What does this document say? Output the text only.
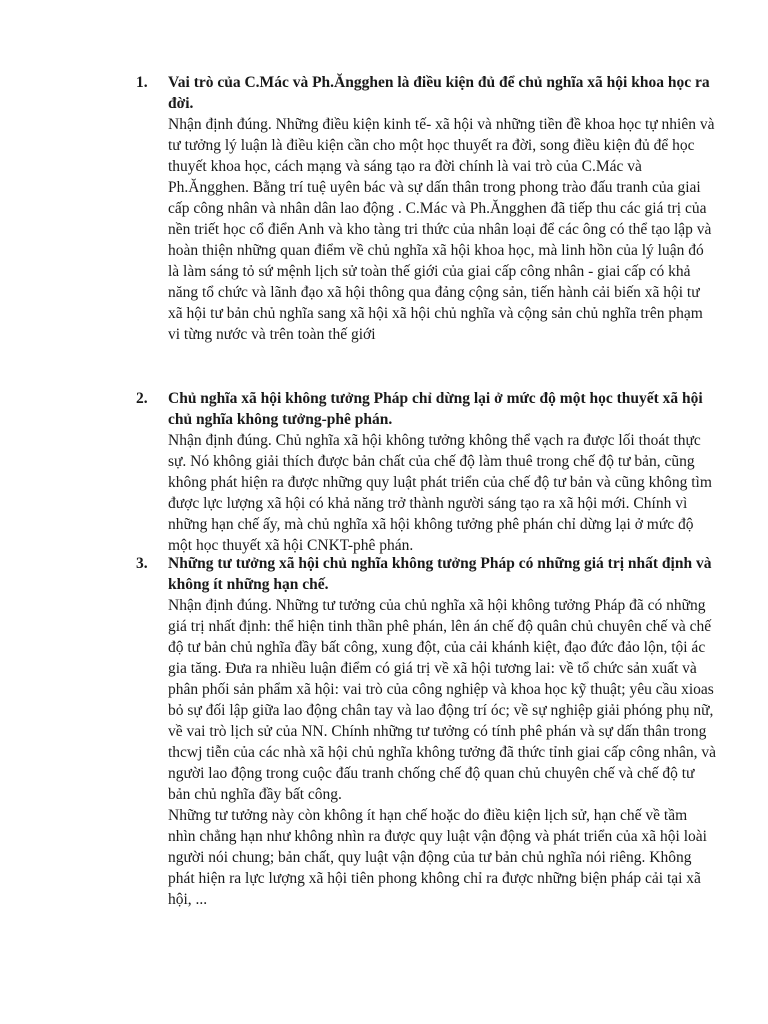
1.	Vai trò của C.Mác và Ph.Ăngghen là điều kiện đủ để chủ nghĩa xã hội khoa học ra đời.

Nhận định đúng. Những điều kiện kinh tế- xã hội và những tiền đề khoa học tự nhiên và tư tưởng lý luận là điều kiện cần cho một học thuyết ra đời, song điều kiện đủ để học thuyết khoa học, cách mạng và sáng tạo ra đời chính là vai trò của C.Mác và Ph.Ăngghen. Bằng trí tuệ uyên bác và sự dấn thân trong phong trào đấu tranh của giai cấp công nhân và nhân dân lao động . C.Mác và Ph.Ăngghen đã tiếp thu các giá trị của nền triết học cổ điển Anh và kho tàng tri thức của nhân loại để các ông có thể tạo lập và hoàn thiện những quan điểm về chủ nghĩa xã hội khoa học, mà linh hồn của lý luận đó là làm sáng tỏ sứ mệnh lịch sử toàn thế giới của giai cấp công nhân - giai cấp có khả năng tổ chức và lãnh đạo xã hội thông qua đảng cộng sản, tiến hành cải biến xã hội tư xã hội tư bản chủ nghĩa sang xã hội xã hội chủ nghĩa và cộng sản chủ nghĩa trên phạm vi từng nước và trên toàn thế giới

2.	Chủ nghĩa xã hội không tưởng Pháp chỉ dừng lại ở mức độ một học thuyết xã hội chủ nghĩa không tưởng-phê phán.

Nhận định đúng. Chủ nghĩa xã hội không tưởng không thể vạch ra được lối thoát thực sự. Nó không giải thích được bản chất của chế độ làm thuê trong chế độ tư bản, cũng không phát hiện ra được những quy luật phát triển của chế độ tư bản và cũng không tìm được lực lượng xã hội có khả năng trở thành người sáng tạo ra xã hội mới. Chính vì những hạn chế ấy, mà chủ nghĩa xã hội không tưởng phê phán chỉ dừng lại ở mức độ một học thuyết xã hội CNKT-phê phán.

3.	Những tư tưởng xã hội chủ nghĩa không tưởng Pháp có những giá trị nhất định và không ít những hạn chế.

Nhận định đúng. Những tư tưởng của chủ nghĩa xã hội không tưởng Pháp đã có những giá trị nhất định: thể hiện tinh thần phê phán, lên án chế độ quân chủ chuyên chế và chế độ tư bản chủ nghĩa đầy bất công, xung đột, của cải khánh kiệt, đạo đức đảo lộn, tội ác gia tăng. Đưa ra nhiều luận điểm có giá trị về xã hội tương lai: về tổ chức sản xuất và phân phối sản phẩm xã hội: vai trò của công nghiệp và khoa học kỹ thuật; yêu cầu xioas bỏ sự đối lập giữa lao động chân tay và lao động trí óc; về sự nghiệp giải phóng phụ nữ, về vai trò lịch sử của NN. Chính những tư tưởng có tính phê phán và sự dấn thân trong thcwj tiễn của các nhà xã hội chủ nghĩa không tưởng đã thức tỉnh giai cấp công nhân, và người lao động trong cuộc đấu tranh chống chế độ quan chủ chuyên chế và chế độ tư bản chủ nghĩa đầy bất công.

Những tư tưởng này còn không ít hạn chế hoặc do điều kiện lịch sử, hạn chế về tầm nhìn chẳng hạn như không nhìn ra được quy luật vận động và phát triển của xã hội loài người nói chung; bản chất, quy luật vận động của tư bản chủ nghĩa nói riêng. Không phát hiện ra lực lượng xã hội tiên phong không chỉ ra được những biện pháp cải tại xã hội, ...
